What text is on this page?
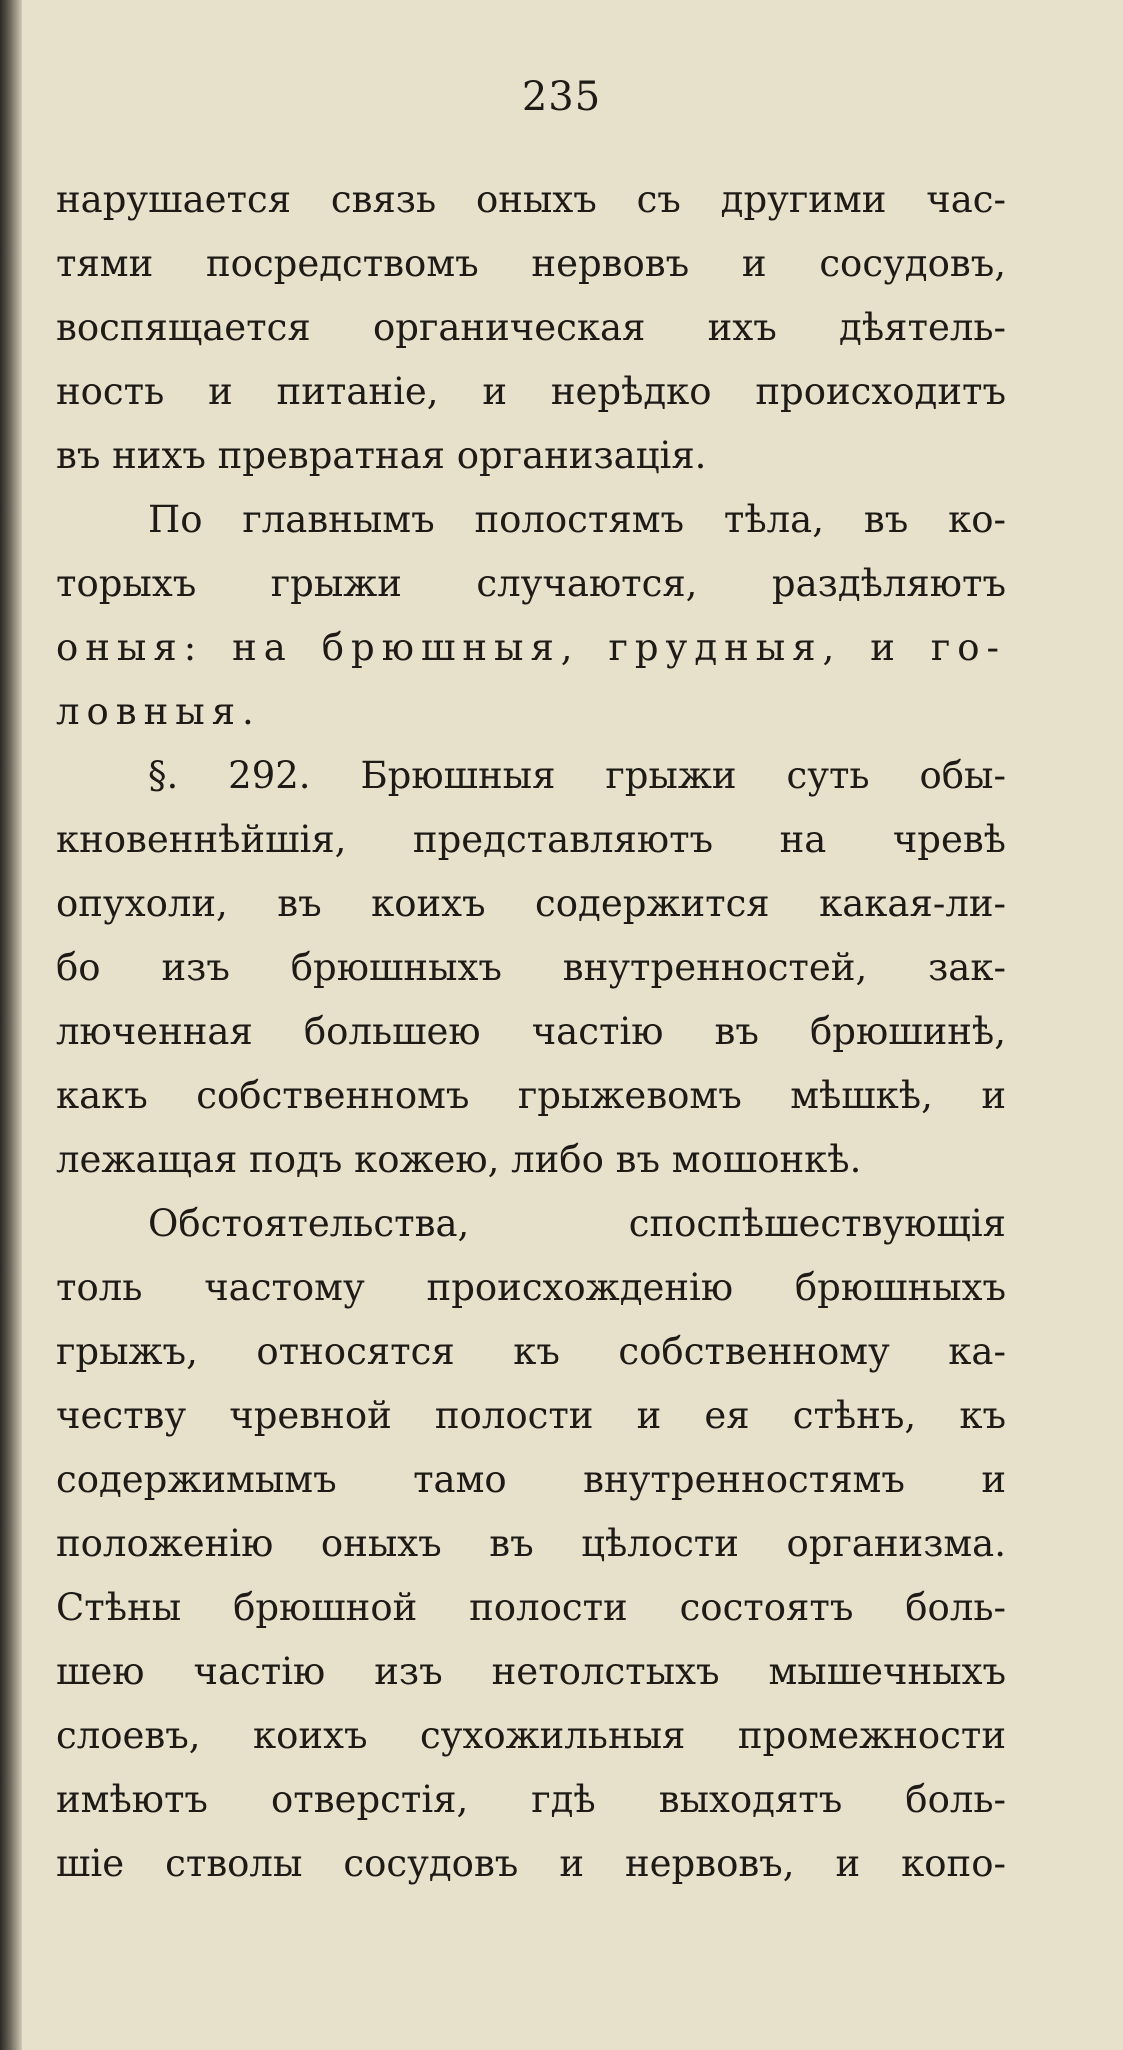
235
нарушается связь оныхъ съ другими час-
тями посредствомъ нервовъ и сосудовъ,
воспящается органическая ихъ дѣятель-
ность и питаніе, и нерѣдко происходитъ
въ нихъ превратная организація.
По главнымъ полостямъ тѣла, въ ко-
торыхъ грыжи случаются, раздѣляютъ
оныя: на брюшныя, грудныя, и го-
ловныя.
§. 292. Брюшныя грыжи суть обы-
кновеннѣйшія, представляютъ на чревѣ
опухоли, въ коихъ содержится какая-ли-
бо изъ брюшныхъ внутренностей, зак-
люченная большею частію въ брюшинѣ,
какъ собственномъ грыжевомъ мѣшкѣ, и
лежащая подъ кожею, либо въ мошонкѣ.
Обстоятельства, споспѣшествующія
толь частому происхожденію брюшныхъ
грыжъ, относятся къ собственному ка-
честву чревной полости и ея стѣнъ, къ
содержимымъ тамо внутренностямъ и
положенію оныхъ въ цѣлости организма.
Стѣны брюшной полости состоятъ боль-
шею частію изъ нетолстыхъ мышечныхъ
слоевъ, коихъ сухожильныя промежности
имѣютъ отверстія, гдѣ выходятъ боль-
шіе стволы сосудовъ и нервовъ, и копо-
